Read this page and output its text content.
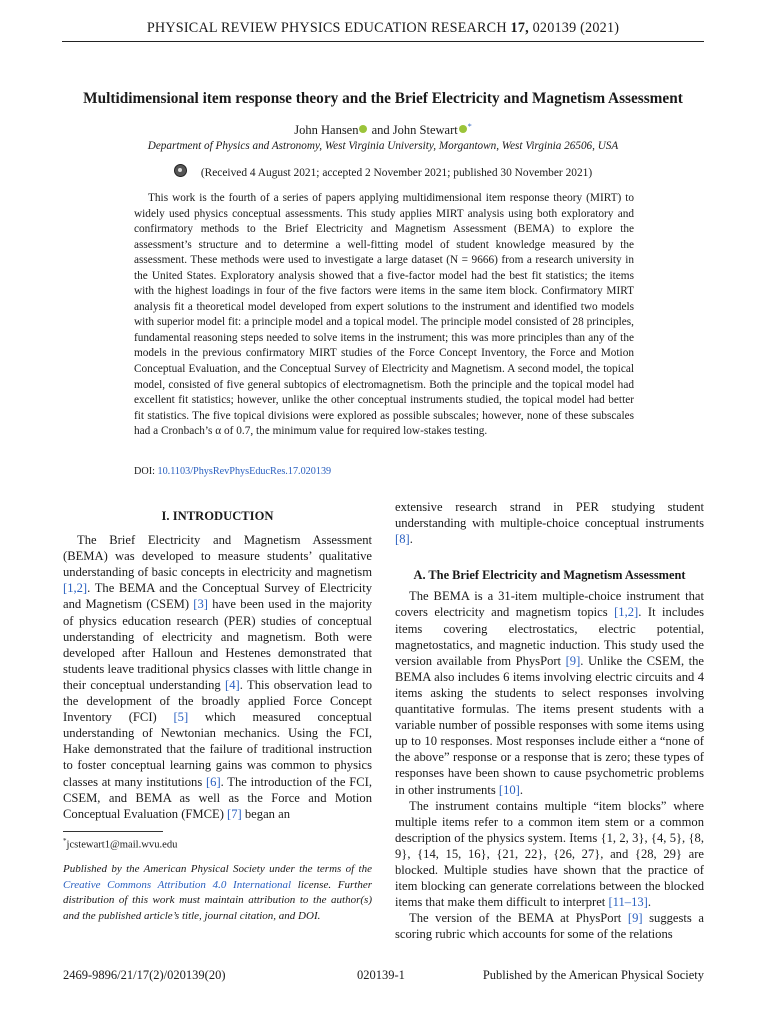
PHYSICAL REVIEW PHYSICS EDUCATION RESEARCH 17, 020139 (2021)
Multidimensional item response theory and the Brief Electricity and Magnetism Assessment
John Hansen and John Stewart *
Department of Physics and Astronomy, West Virginia University, Morgantown, West Virginia 26506, USA
(Received 4 August 2021; accepted 2 November 2021; published 30 November 2021)

This work is the fourth of a series of papers applying multidimensional item response theory (MIRT) to widely used physics conceptual assessments. This study applies MIRT analysis using both exploratory and confirmatory methods to the Brief Electricity and Magnetism Assessment (BEMA) to explore the assessment’s structure and to determine a well-fitting model of student knowledge measured by the assessment. These methods were used to investigate a large dataset (N = 9666) from a research university in the United States. Exploratory analysis showed that a five-factor model had the best fit statistics; the items with the highest loadings in four of the five factors were items in the same item block. Confirmatory MIRT analysis fit a theoretical model developed from expert solutions to the instrument and identified two models with superior model fit: a principle model and a topical model. The principle model consisted of 28 principles, fundamental reasoning steps needed to solve items in the instrument; this was more principles than any of the models in the previous confirmatory MIRT studies of the Force Concept Inventory, the Force and Motion Conceptual Evaluation, and the Conceptual Survey of Electricity and Magnetism. A second model, the topical model, consisted of five general subtopics of electromagnetism. Both the principle and the topical model had excellent fit statistics; however, unlike the other conceptual instruments studied, the topical model had better fit statistics. The five topical divisions were explored as possible subscales; however, none of these subscales had a Cronbach’s α of 0.7, the minimum value for required low-stakes testing.

DOI: 10.1103/PhysRevPhysEducRes.17.020139
I. INTRODUCTION

The Brief Electricity and Magnetism Assessment (BEMA) was developed to measure students’ qualitative understanding of basic concepts in electricity and magnetism [1,2]. The BEMA and the Conceptual Survey of Electricity and Magnetism (CSEM) [3] have been used in the majority of physics education research (PER) studies of conceptual understanding of electricity and magnetism. Both were developed after Halloun and Hestenes demonstrated that students leave traditional physics classes with little change in their conceptual understanding [4]. This observation lead to the development of the broadly applied Force Concept Inventory (FCI) [5] which measured conceptual understanding of Newtonian mechanics. Using the FCI, Hake demonstrated that the failure of traditional instruction to foster conceptual learning gains was common to physics classes at many institutions [6]. The introduction of the FCI, CSEM, and BEMA as well as the Force and Motion Conceptual Evaluation (FMCE) [7] began an

*jcstewart1@mail.wvu.edu
Published by the American Physical Society under the terms of the Creative Commons Attribution 4.0 International license. Further distribution of this work must maintain attribution to the author(s) and the published article’s title, journal citation, and DOI.

extensive research strand in PER studying student understanding with multiple-choice conceptual instruments [8].

A. The Brief Electricity and Magnetism Assessment

The BEMA is a 31-item multiple-choice instrument that covers electricity and magnetism topics [1,2]. It includes items covering electrostatics, electric potential, magnetostatics, and magnetic induction. This study used the version available from PhysPort [9]. Unlike the CSEM, the BEMA also includes 6 items involving electric circuits and 4 items asking the students to select responses involving quantitative formulas. The items present students with a variable number of possible responses with some items using up to 10 responses. Most responses include either a “none of the above” response or a response that is zero; these types of responses have been shown to cause psychometric problems in other instruments [10].

The instrument contains multiple “item blocks” where multiple items refer to a common item stem or a common description of the physics system. Items {1, 2, 3}, {4, 5}, {8, 9}, {14, 15, 16}, {21, 22}, {26, 27}, and {28, 29} are blocked. Multiple studies have shown that the practice of item blocking can generate correlations between the blocked items that make them difficult to interpret [11–13].

The version of the BEMA at PhysPort [9] suggests a scoring rubric which accounts for some of the relations

2469-9896/21/17(2)/020139(20)	020139-1	Published by the American Physical Society
